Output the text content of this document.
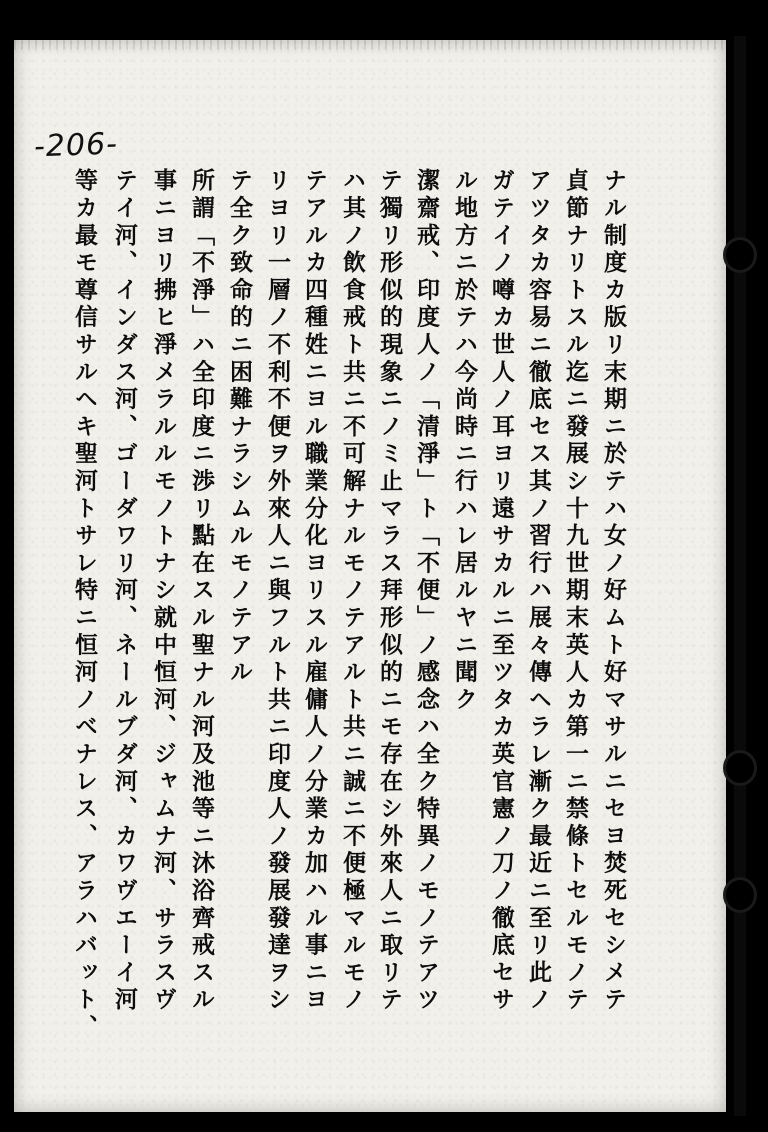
-206-
ナル制度カ版リ末期ニ於テハ女ノ好ムト好マサルニセヨ焚死セシメテ
貞節ナリトスル迄ニ發展シ十九世期末英人カ第一ニ禁條トセルモノテ
アツタカ容易ニ徹底セス其ノ習行ハ展々傳ヘラレ漸ク最近ニ至リ此ノ
ガテイノ噂カ世人ノ耳ヨリ遠サカルニ至ツタカ英官憲ノ刀ノ徹底セサ
ル地方ニ於テハ今尚時ニ行ハレ居ルヤニ聞ク
潔齋戒、印度人ノ「清淨」ト「不便」ノ感念ハ全ク特異ノモノテアツ
テ獨リ形似的現象ニノミ止マラス拜形似的ニモ存在シ外來人ニ取リテ
ハ其ノ飲食戒ト共ニ不可解ナルモノテアルト共ニ誠ニ不便極マルモノ
テアルカ四種姓ニヨル職業分化ヨリスル雇傭人ノ分業カ加ハル事ニヨ
リヨリ一層ノ不利不便ヲ外來人ニ與フルト共ニ印度人ノ發展發達ヲシ
テ全ク致命的ニ困難ナラシムルモノテアル
所謂「不淨」ハ全印度ニ渉リ點在スル聖ナル河及池等ニ沐浴齊戒スル
事ニヨリ拂ヒ淨メラルルモノトナシ就中恒河、ジャムナ河、サラスヴ
テイ河、インダス河、ゴーダワリ河、ネールブダ河、カワヴエーイ河
等カ最モ尊信サルヘキ聖河トサレ特ニ恒河ノベナレス、アラハバット、
